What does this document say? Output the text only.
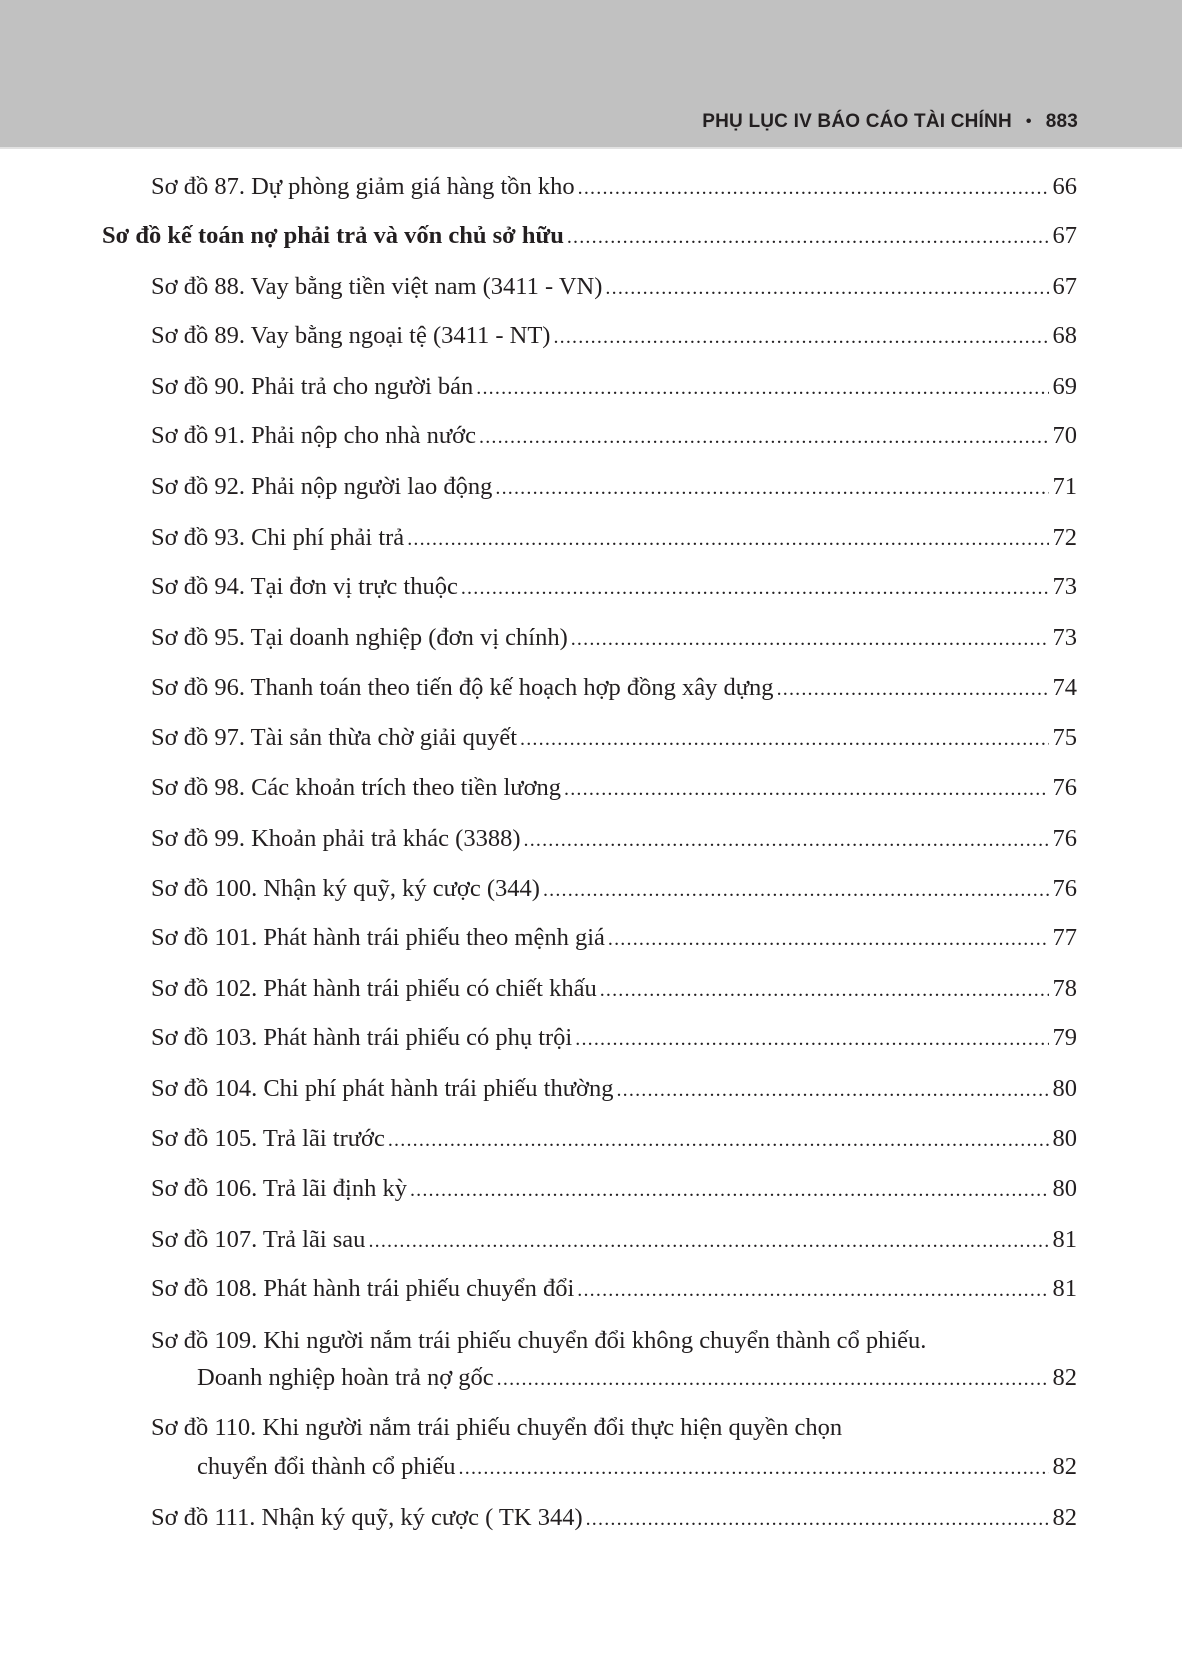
PHỤ LỤC IV BÁO CÁO TÀI CHÍNH • 883
Sơ đồ 87. Dự phòng giảm giá hàng tồn kho .....	66
Sơ đồ kế toán nợ phải trả và vốn chủ sở hữu .....	67
Sơ đồ 88. Vay bằng tiền việt nam (3411 - VN) .....	67
Sơ đồ 89. Vay bằng ngoại tệ (3411 - NT) .....	68
Sơ đồ 90. Phải trả cho người bán .....	69
Sơ đồ 91. Phải nộp cho nhà nước .....	70
Sơ đồ 92. Phải nộp người lao động .....	71
Sơ đồ 93. Chi phí phải trả .....	72
Sơ đồ 94. Tại đơn vị trực thuộc .....	73
Sơ đồ 95. Tại doanh nghiệp (đơn vị chính) .....	73
Sơ đồ 96. Thanh toán theo tiến độ kế hoạch hợp đồng xây dựng .....	74
Sơ đồ 97. Tài sản thừa chờ giải quyết .....	75
Sơ đồ 98. Các khoản trích theo tiền lương .....	76
Sơ đồ 99. Khoản phải trả khác (3388) .....	76
Sơ đồ 100. Nhận ký quỹ, ký cược (344) .....	76
Sơ đồ 101. Phát hành trái phiếu theo mệnh giá .....	77
Sơ đồ 102. Phát hành trái phiếu có chiết khấu .....	78
Sơ đồ 103. Phát hành trái phiếu có phụ trội .....	79
Sơ đồ 104. Chi phí phát hành trái phiếu thường .....	80
Sơ đồ 105. Trả lãi trước .....	80
Sơ đồ 106. Trả lãi định kỳ .....	80
Sơ đồ 107. Trả lãi sau .....	81
Sơ đồ 108. Phát hành trái phiếu chuyển đổi .....	81
Sơ đồ 109. Khi người nắm trái phiếu chuyển đổi không chuyển thành cổ phiếu.
Doanh nghiệp hoàn trả nợ gốc .....	82
Sơ đồ 110. Khi người nắm trái phiếu chuyển đổi thực hiện quyền chọn
chuyển đổi thành cổ phiếu .....	82
Sơ đồ 111. Nhận ký quỹ, ký cược ( TK 344) .....	82
